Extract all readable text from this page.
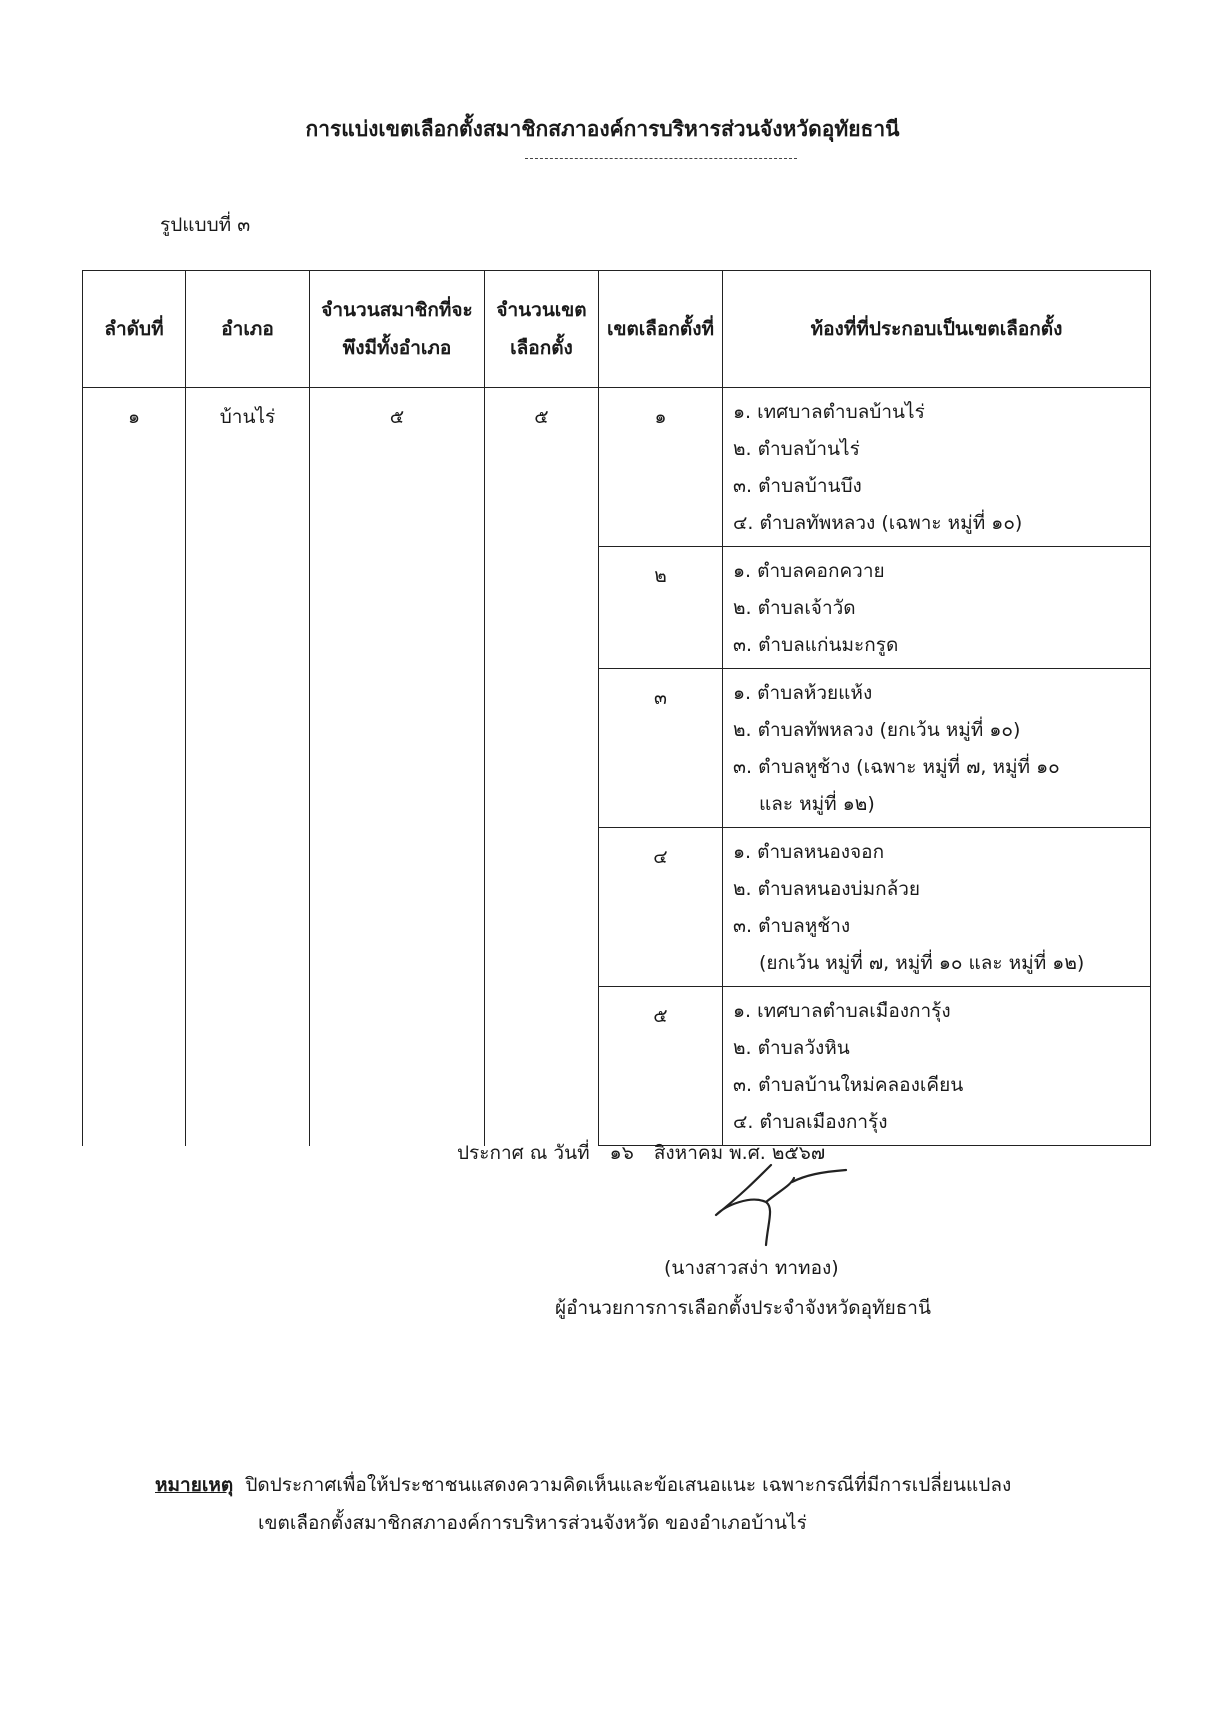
การแบ่งเขตเลือกตั้งสมาชิกสภาองค์การบริหารส่วนจังหวัดอุทัยธานี
รูปแบบที่ ๓
ลำดับที่	อำเภอ	จำนวนสมาชิกที่จะพึงมีทั้งอำเภอ	จำนวนเขตเลือกตั้ง	เขตเลือกตั้งที่	ท้องที่ที่ประกอบเป็นเขตเลือกตั้ง
๑	บ้านไร่	๕	๕	๑	๑. เทศบาลตำบลบ้านไร่
๒. ตำบลบ้านไร่
๓. ตำบลบ้านบึง
๔. ตำบลทัพหลวง (เฉพาะ หมู่ที่ ๑๐)

				๒	๑. ตำบลคอกควาย
๒. ตำบลเจ้าวัด
๓. ตำบลแก่นมะกรูด

				๓	๑. ตำบลห้วยแห้ง
๒. ตำบลทัพหลวง (ยกเว้น หมู่ที่ ๑๐)
๓. ตำบลหูช้าง (เฉพาะ หมู่ที่ ๗, หมู่ที่ ๑๐
และ หมู่ที่ ๑๒)

				๔	๑. ตำบลหนองจอก
๒. ตำบลหนองบ่มกล้วย
๓. ตำบลหูช้าง
(ยกเว้น หมู่ที่ ๗, หมู่ที่ ๑๐ และ หมู่ที่ ๑๒)

				๕	๑. เทศบาลตำบลเมืองการุ้ง
๒. ตำบลวังหิน
๓. ตำบลบ้านใหม่คลองเคียน
๔. ตำบลเมืองการุ้ง
ประกาศ ณ วันที่ ๑๖ สิงหาคม พ.ศ. ๒๕๖๗
(นางสาวสง่า ทาทอง)
ผู้อำนวยการการเลือกตั้งประจำจังหวัดอุทัยธานี
หมายเหตุ ปิดประกาศเพื่อให้ประชาชนแสดงความคิดเห็นและข้อเสนอแนะ เฉพาะกรณีที่มีการเปลี่ยนแปลง
เขตเลือกตั้งสมาชิกสภาองค์การบริหารส่วนจังหวัด ของอำเภอบ้านไร่
